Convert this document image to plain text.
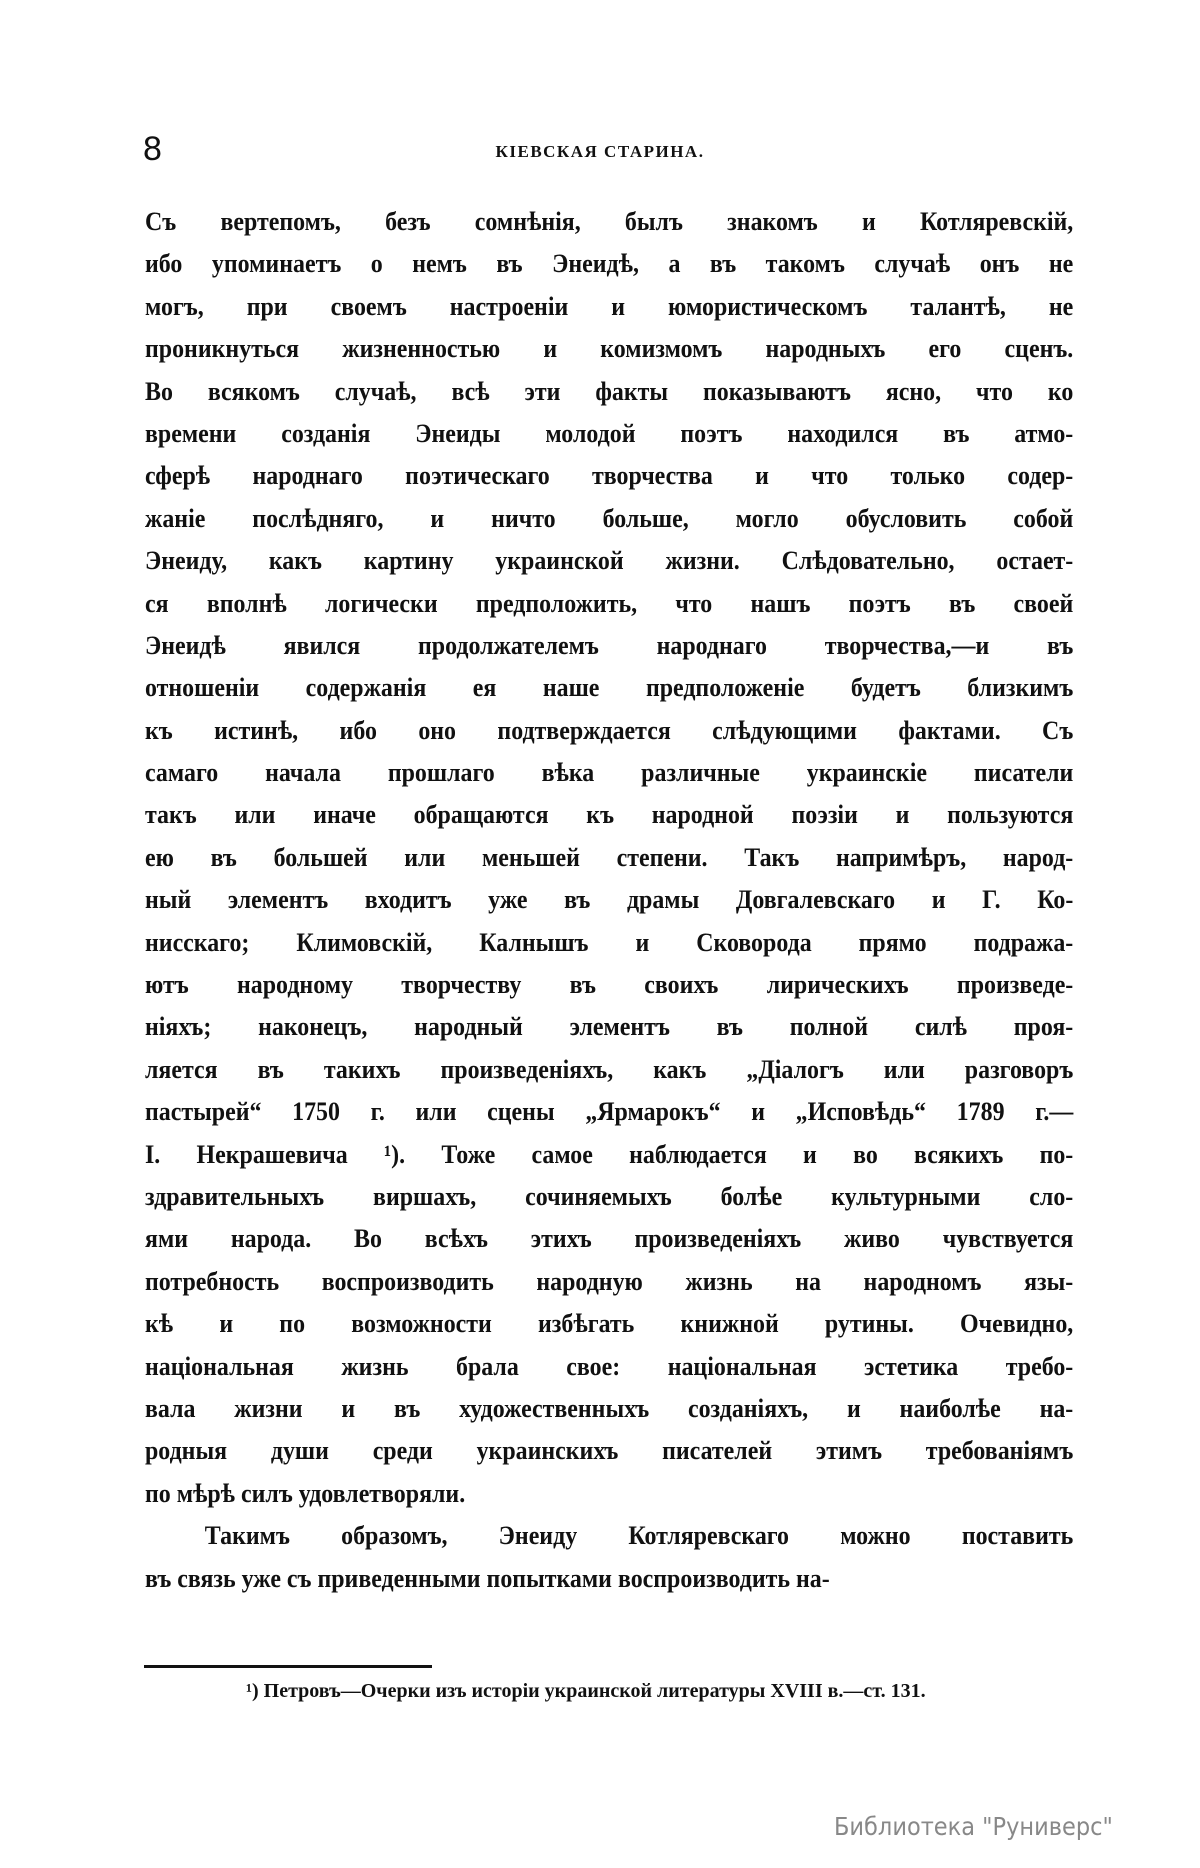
8	КІЕВСКАЯ СТАРИНА.
Съ вертепомъ, безъ сомнѣнія, былъ знакомъ и Котляревскій,
ибо упоминаетъ о немъ въ Энеидѣ, а въ такомъ случаѣ онъ не
могъ, при своемъ настроеніи и юмористическомъ талантѣ, не
проникнуться жизненностью и комизмомъ народныхъ его сценъ.
Во всякомъ случаѣ, всѣ эти факты показываютъ ясно, что ко
времени созданія Энеиды молодой поэтъ находился въ атмо-
сферѣ народнаго поэтическаго творчества и что только содер-
жаніе послѣдняго, и ничто больше, могло обусловить собой
Энеиду, какъ картину украинской жизни. Слѣдовательно, остает-
ся вполнѣ логически предположить, что нашъ поэтъ въ своей
Энеидѣ явился продолжателемъ народнаго творчества,—и въ
отношеніи содержанія ея наше предположеніе будетъ близкимъ
къ истинѣ, ибо оно подтверждается слѣдующими фактами. Съ
самаго начала прошлаго вѣка различные украинскіе писатели
такъ или иначе обращаются къ народной поэзіи и пользуются
ею въ большей или меньшей степени. Такъ напримѣръ, народ-
ный элементъ входитъ уже въ драмы Довгалевскаго и Г. Ко-
нисскаго; Климовскій, Калнышъ и Сковорода прямо подража-
ютъ народному творчеству въ своихъ лирическихъ произведе-
ніяхъ; наконецъ, народный элементъ въ полной силѣ проя-
ляется въ такихъ произведеніяхъ, какъ „Діалогъ или разговоръ
пастырей“ 1750 г. или сцены „Ярмарокъ“ и „Исповѣдь“ 1789 г.—
І. Некрашевича ¹). Тоже самое наблюдается и во всякихъ по-
здравительныхъ виршахъ, сочиняемыхъ болѣе культурными сло-
ями народа. Во всѣхъ этихъ произведеніяхъ живо чувствуется
потребность воспроизводить народную жизнь на народномъ язы-
кѣ и по возможности избѣгать книжной рутины. Очевидно,
національная жизнь брала свое: національная эстетика требо-
вала жизни и въ художественныхъ созданіяхъ, и наиболѣе на-
родныя души среди украинскихъ писателей этимъ требованіямъ
по мѣрѣ силъ удовлетворяли.
Такимъ образомъ, Энеиду Котляревскаго можно поставить
въ связь уже съ приведенными попытками воспроизводить на-
¹) Петровъ—Очерки изъ исторіи украинской литературы XVIII в.—ст. 131.
Библиотека "Руниверс"
